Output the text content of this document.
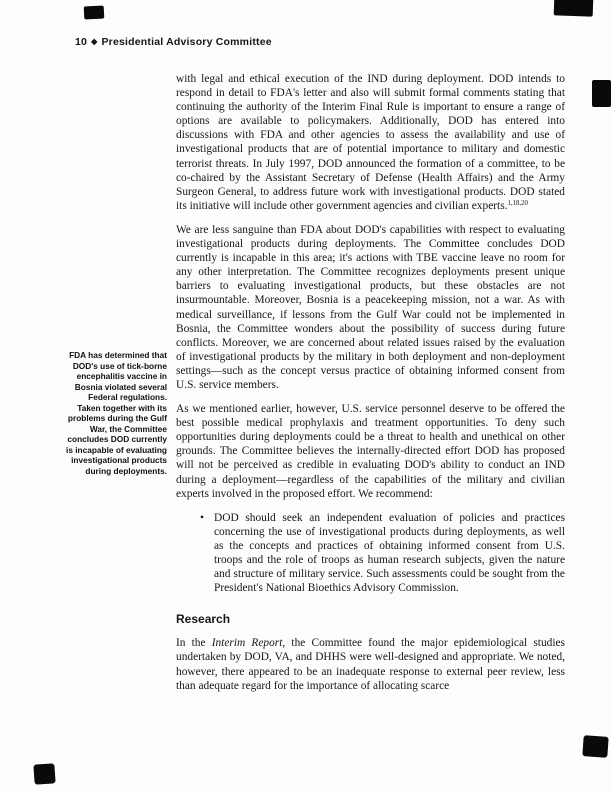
10 ◆ Presidential Advisory Committee
FDA has determined that DOD's use of tick-borne encephalitis vaccine in Bosnia violated several Federal regulations. Taken together with its problems during the Gulf War, the Committee concludes DOD currently is incapable of evaluating investigational products during deployments.

with legal and ethical execution of the IND during deployment. DOD intends to respond in detail to FDA's letter and also will submit formal comments stating that continuing the authority of the Interim Final Rule is important to ensure a range of options are available to policymakers. Additionally, DOD has entered into discussions with FDA and other agencies to assess the availability and use of investigational products that are of potential importance to military and domestic terrorist threats. In July 1997, DOD announced the formation of a committee, to be co-chaired by the Assistant Secretary of Defense (Health Affairs) and the Army Surgeon General, to address future work with investigational products. DOD stated its initiative will include other government agencies and civilian experts.$^{1,18,20}$

We are less sanguine than FDA about DOD's capabilities with respect to evaluating investigational products during deployments. The Committee concludes DOD currently is incapable in this area; it's actions with TBE vaccine leave no room for any other interpretation. The Committee recognizes deployments present unique barriers to evaluating investigational products, but these obstacles are not insurmountable. Moreover, Bosnia is a peacekeeping mission, not a war. As with medical surveillance, if lessons from the Gulf War could not be implemented in Bosnia, the Committee wonders about the possibility of success during future conflicts. Moreover, we are concerned about related issues raised by the evaluation of investigational products by the military in both deployment and non-deployment settings—such as the concept versus practice of obtaining informed consent from U.S. service members.

As we mentioned earlier, however, U.S. service personnel deserve to be offered the best possible medical prophylaxis and treatment opportunities. To deny such opportunities during deployments could be a threat to health and unethical on other grounds. The Committee believes the internally-directed effort DOD has proposed will not be perceived as credible in evaluating DOD's ability to conduct an IND during a deployment—regardless of the capabilities of the military and civilian experts involved in the proposed effort. We recommend:

• DOD should seek an independent evaluation of policies and practices concerning the use of investigational products during deployments, as well as the concepts and practices of obtaining informed consent from U.S. troops and the role of troops as human research subjects, given the nature and structure of military service. Such assessments could be sought from the President's National Bioethics Advisory Commission.
Research

In the Interim Report, the Committee found the major epidemiological studies undertaken by DOD, VA, and DHHS were well-designed and appropriate. We noted, however, there appeared to be an inadequate response to external peer review, less than adequate regard for the importance of allocating scarce
